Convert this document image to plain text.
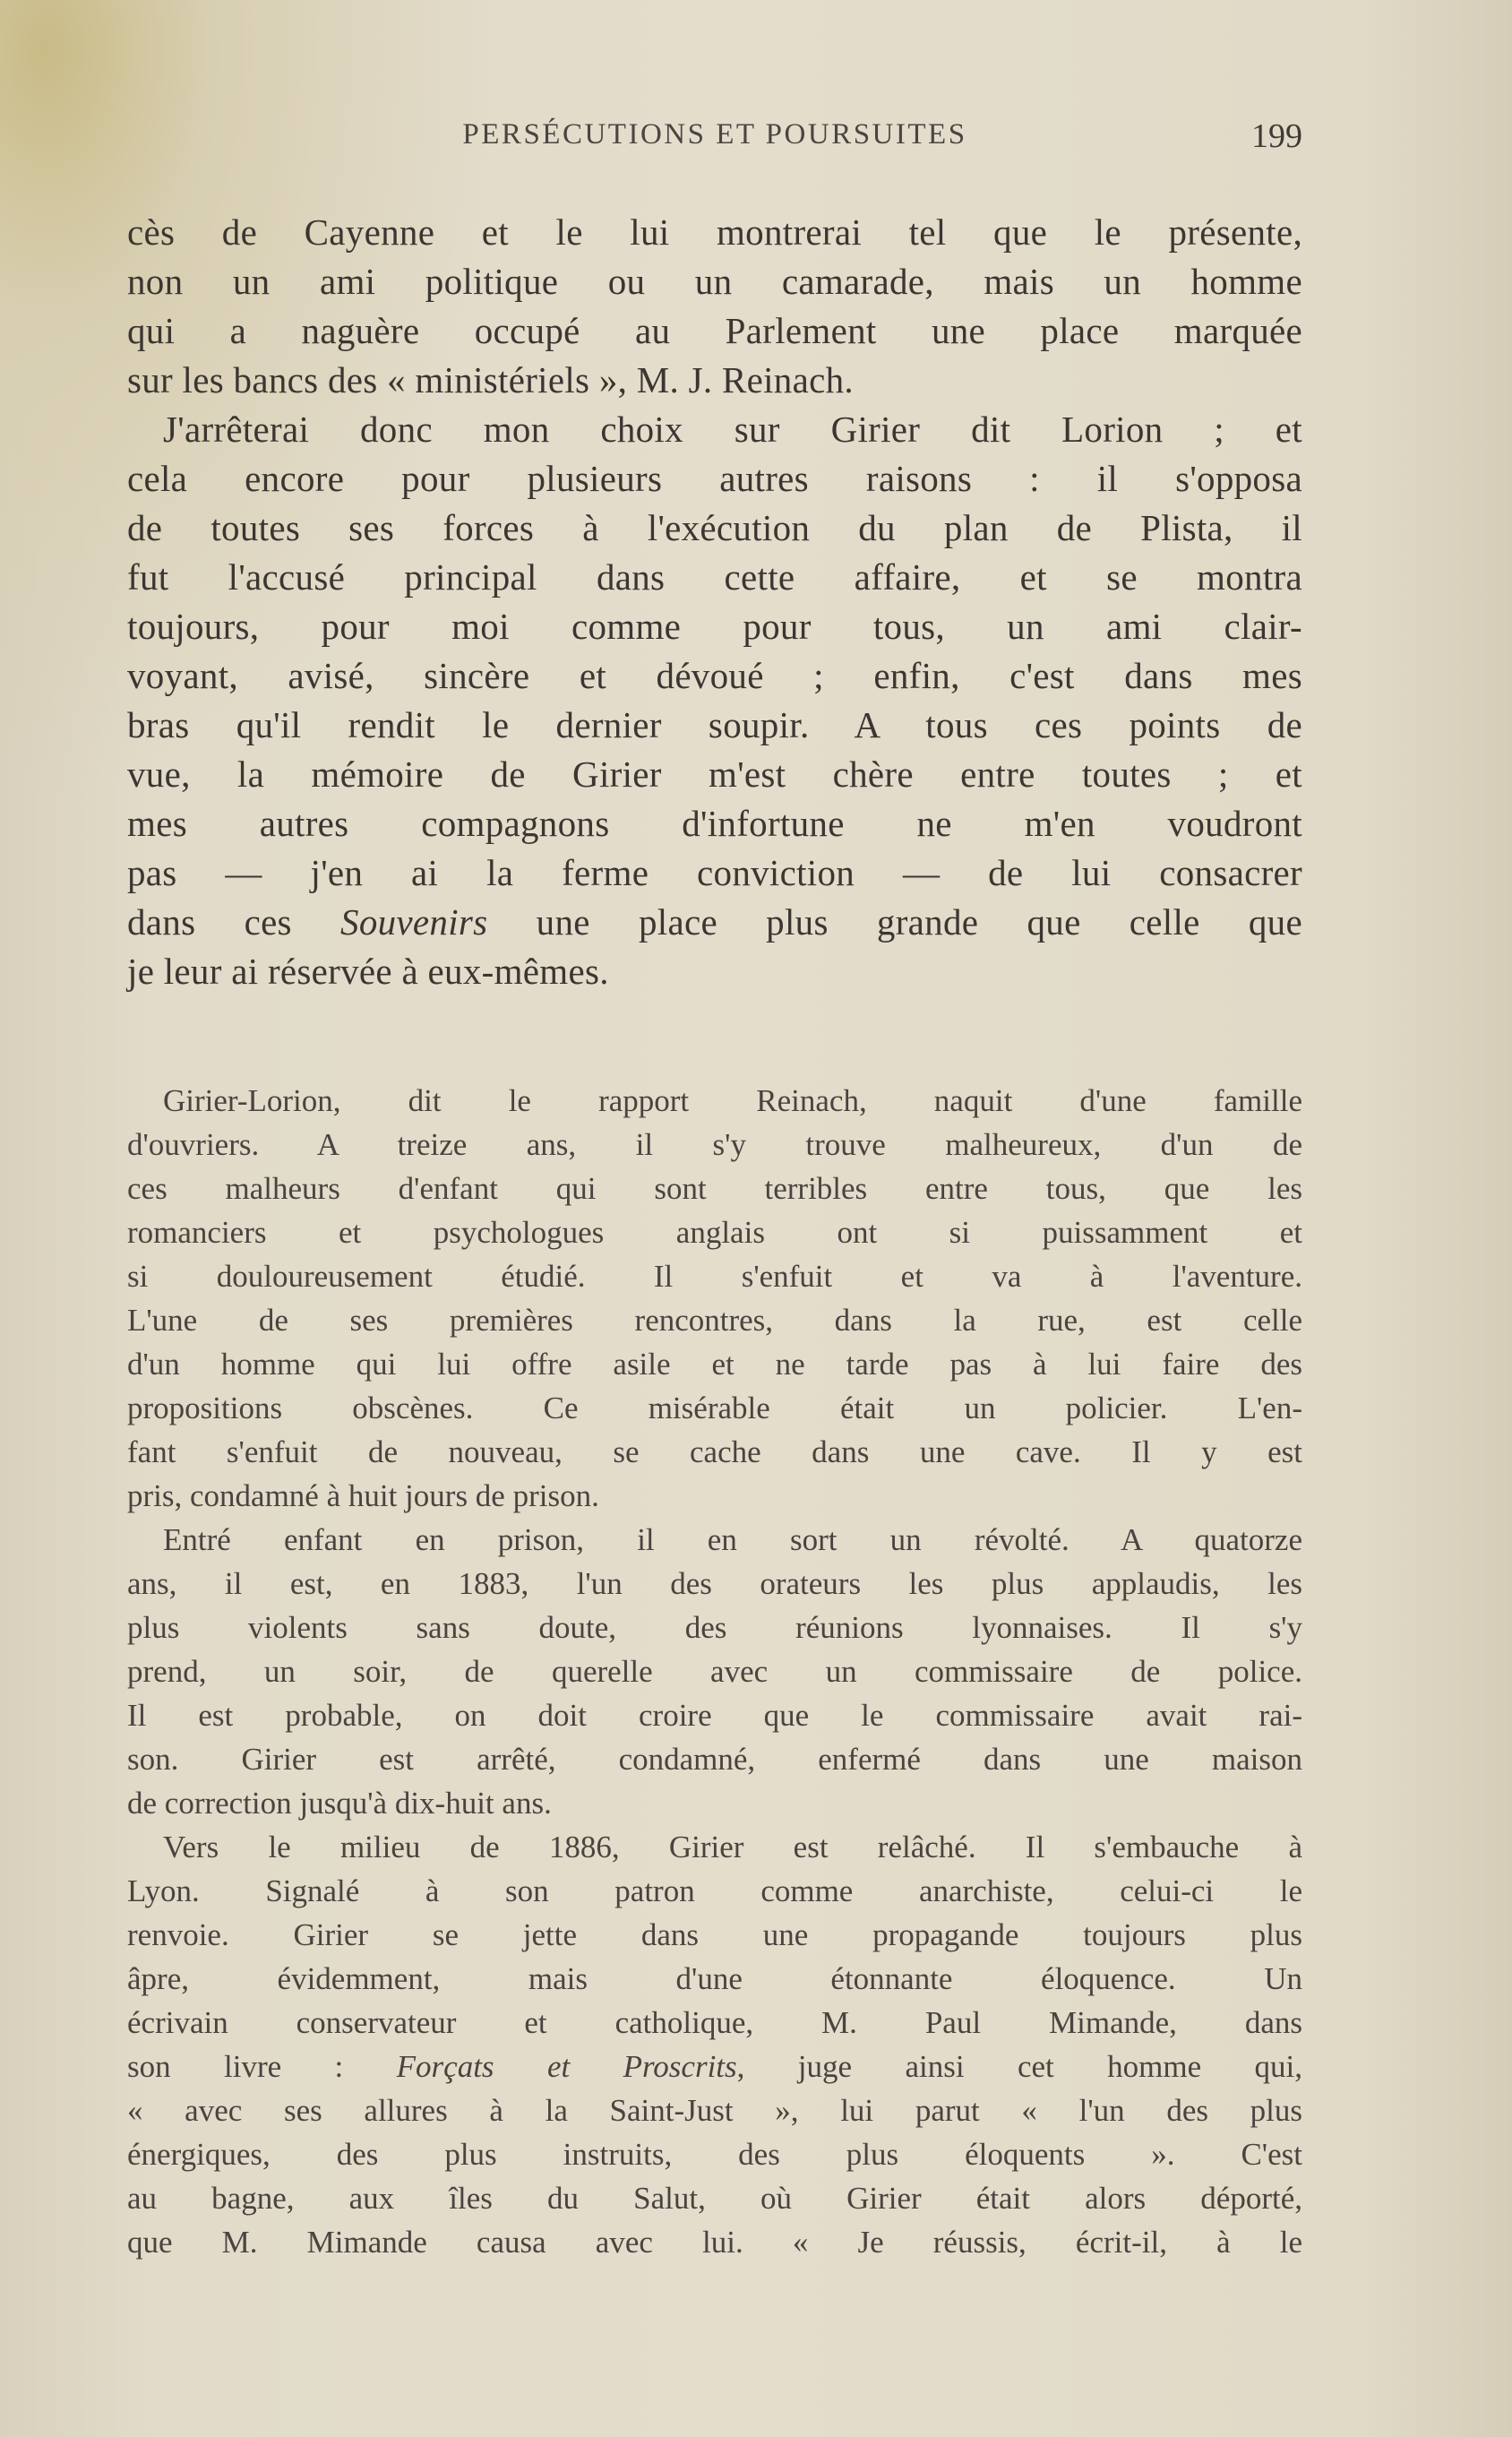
PERSÉCUTIONS ET POURSUITES	199
cès de Cayenne et le lui montrerai tel que le présente,
non un ami politique ou un camarade, mais un homme
qui a naguère occupé au Parlement une place marquée
sur les bancs des « ministériels », M. J. Reinach.
J'arrêterai donc mon choix sur Girier dit Lorion ; et
cela encore pour plusieurs autres raisons : il s'opposa
de toutes ses forces à l'exécution du plan de Plista, il
fut l'accusé principal dans cette affaire, et se montra
toujours, pour moi comme pour tous, un ami clair-
voyant, avisé, sincère et dévoué ; enfin, c'est dans mes
bras qu'il rendit le dernier soupir. A tous ces points de
vue, la mémoire de Girier m'est chère entre toutes ; et
mes autres compagnons d'infortune ne m'en voudront
pas — j'en ai la ferme conviction — de lui consacrer
dans ces Souvenirs une place plus grande que celle que
je leur ai réservée à eux-mêmes.
Girier-Lorion, dit le rapport Reinach, naquit d'une famille
d'ouvriers. A treize ans, il s'y trouve malheureux, d'un de
ces malheurs d'enfant qui sont terribles entre tous, que les
romanciers et psychologues anglais ont si puissamment et
si douloureusement étudié. Il s'enfuit et va à l'aventure.
L'une de ses premières rencontres, dans la rue, est celle
d'un homme qui lui offre asile et ne tarde pas à lui faire des
propositions obscènes. Ce misérable était un policier. L'en-
fant s'enfuit de nouveau, se cache dans une cave. Il y est
pris, condamné à huit jours de prison.
Entré enfant en prison, il en sort un révolté. A quatorze
ans, il est, en 1883, l'un des orateurs les plus applaudis, les
plus violents sans doute, des réunions lyonnaises. Il s'y
prend, un soir, de querelle avec un commissaire de police.
Il est probable, on doit croire que le commissaire avait rai-
son. Girier est arrêté, condamné, enfermé dans une maison
de correction jusqu'à dix-huit ans.
Vers le milieu de 1886, Girier est relâché. Il s'embauche à
Lyon. Signalé à son patron comme anarchiste, celui-ci le
renvoie. Girier se jette dans une propagande toujours plus
âpre, évidemment, mais d'une étonnante éloquence. Un
écrivain conservateur et catholique, M. Paul Mimande, dans
son livre : Forçats et Proscrits, juge ainsi cet homme qui,
« avec ses allures à la Saint-Just », lui parut « l'un des plus
énergiques, des plus instruits, des plus éloquents ». C'est
au bagne, aux îles du Salut, où Girier était alors déporté,
que M. Mimande causa avec lui. « Je réussis, écrit-il, à le
